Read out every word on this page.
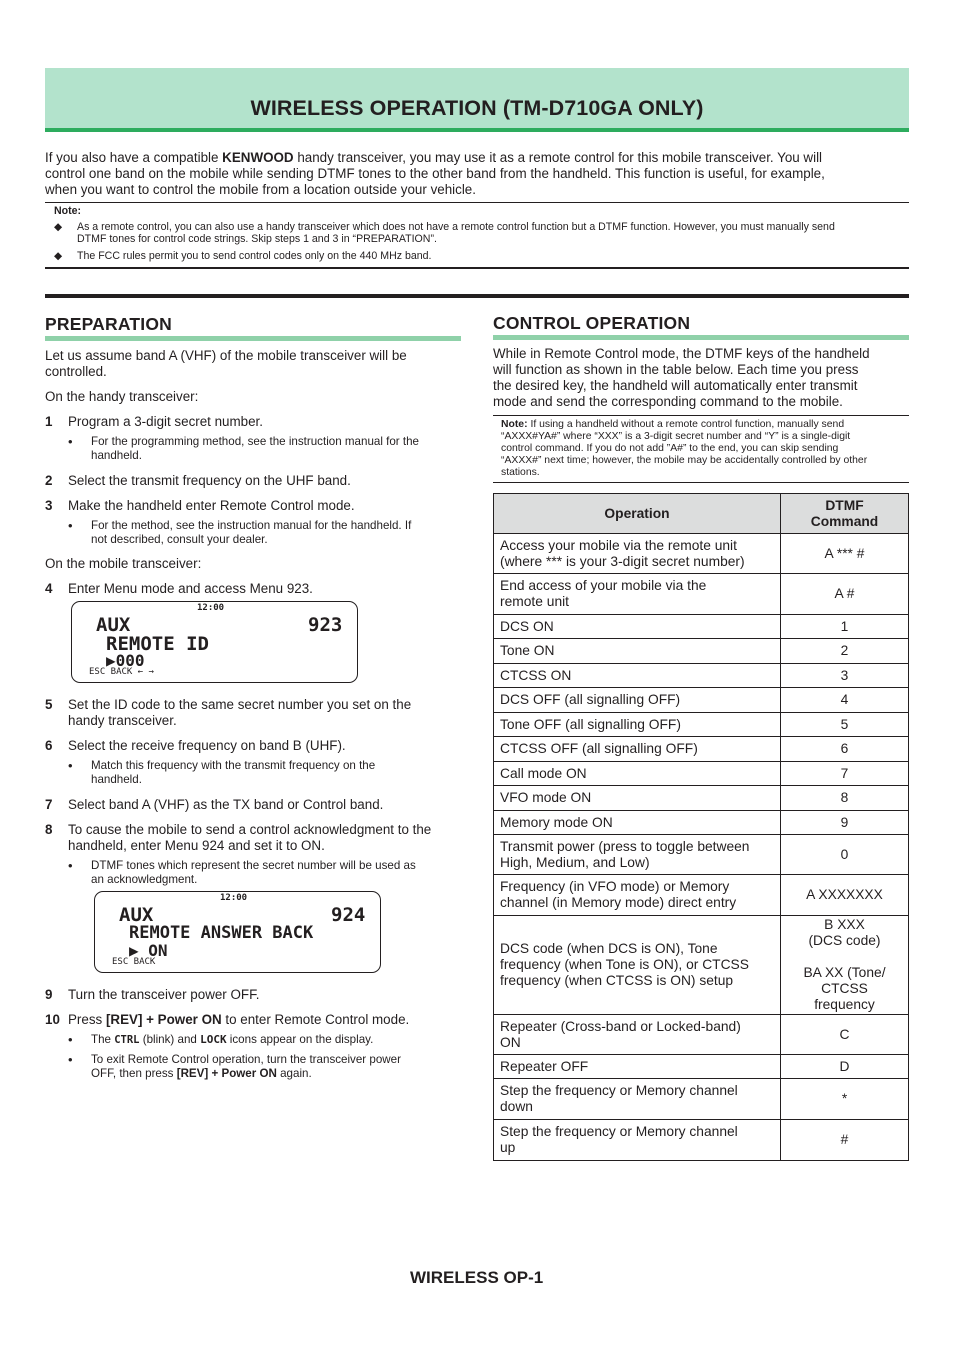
WIRELESS OPERATION (TM-D710GA ONLY)
If you also have a compatible KENWOOD handy transceiver, you may use it as a remote control for this mobile transceiver. You will
control one band on the mobile while sending DTMF tones to the other band from the handheld. This function is useful, for example,
when you want to control the mobile from a location outside your vehicle.
Note:
◆ As a remote control, you can also use a handy transceiver which does not have a remote control function but a DTMF function. However, you must manually send
DTMF tones for control code strings. Skip steps 1 and 3 in “PREPARATION”.
◆ The FCC rules permit you to send control codes only on the 440 MHz band.
PREPARATION
Let us assume band A (VHF) of the mobile transceiver will be
controlled.
On the handy transceiver:
1 Program a 3-digit secret number.
• For the programming method, see the instruction manual for the
handheld.
2 Select the transmit frequency on the UHF band.
3 Make the handheld enter Remote Control mode.
• For the method, see the instruction manual for the handheld. If
not described, consult your dealer.
On the mobile transceiver:
4 Enter Menu mode and access Menu 923.
12:00
AUX	923
REMOTE ID
▶000
ESC BACK ← →
5 Set the ID code to the same secret number you set on the
handy transceiver.
6 Select the receive frequency on band B (UHF).
• Match this frequency with the transmit frequency on the
handheld.
7 Select band A (VHF) as the TX band or Control band.
8 To cause the mobile to send a control acknowledgment to the
handheld, enter Menu 924 and set it to ON.
• DTMF tones which represent the secret number will be used as
an acknowledgment.
12:00
AUX	924
REMOTE ANSWER BACK
▶ ON
ESC BACK
9 Turn the transceiver power OFF.
10 Press [REV] + Power ON to enter Remote Control mode.
• The CTRL (blink) and LOCK icons appear on the display.
• To exit Remote Control operation, turn the transceiver power
OFF, then press [REV] + Power ON again.
CONTROL OPERATION
While in Remote Control mode, the DTMF keys of the handheld
will function as shown in the table below. Each time you press
the desired key, the handheld will automatically enter transmit
mode and send the corresponding command to the mobile.
Note: If using a handheld without a remote control function, manually send
“AXXX#YA#” where “XXX” is a 3-digit secret number and “Y” is a single-digit
control command. If you do not add ”A#” to the end, you can skip sending
“AXXX#” next time; however, the mobile may be accidentally controlled by other
stations.
Operation	DTMF
Command
Access your mobile via the remote unit
(where *** is your 3-digit secret number)	A *** #
End access of your mobile via the
remote unit	A #
DCS ON	1
Tone ON	2
CTCSS ON	3
DCS OFF (all signalling OFF)	4
Tone OFF (all signalling OFF)	5
CTCSS OFF (all signalling OFF)	6
Call mode ON	7
VFO mode ON	8
Memory mode ON	9
Transmit power (press to toggle between
High, Medium, and Low)	0
Frequency (in VFO mode) or Memory
channel (in Memory mode) direct entry	A XXXXXXX
DCS code (when DCS is ON), Tone
frequency (when Tone is ON), or CTCSS
frequency (when CTCSS is ON) setup	B XXX
(DCS code)

BA XX (Tone/
CTCSS
frequency
Repeater (Cross-band or Locked-band)
ON	C
Repeater OFF	D
Step the frequency or Memory channel
down	*
Step the frequency or Memory channel
up	#
WIRELESS OP-1
